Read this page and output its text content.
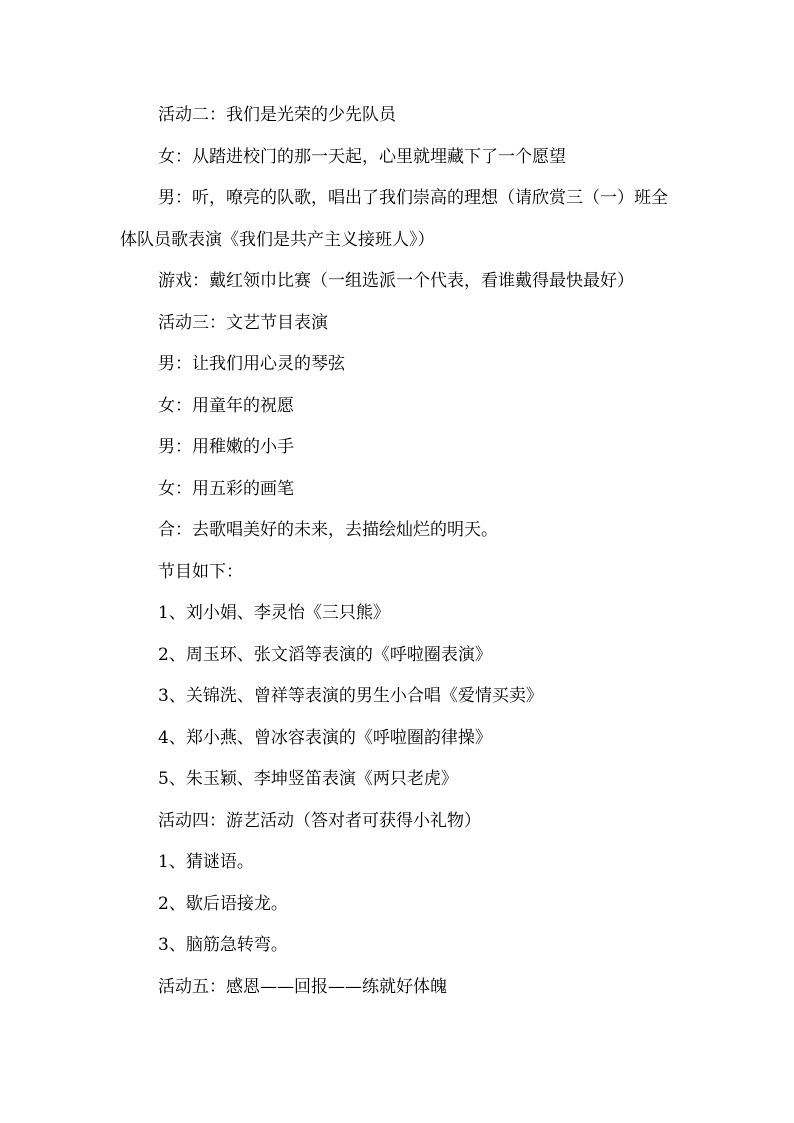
活动二：我们是光荣的少先队员

女：从踏进校门的那一天起，心里就埋藏下了一个愿望

男：听，嘹亮的队歌，唱出了我们崇高的理想（请欣赏三（一）班全体队员歌表演《我们是共产主义接班人》）

游戏：戴红领巾比赛（一组选派一个代表，看谁戴得最快最好）

活动三：文艺节目表演

男：让我们用心灵的琴弦

女：用童年的祝愿

男：用稚嫩的小手

女：用五彩的画笔

合：去歌唱美好的未来，去描绘灿烂的明天。

节目如下：

1、刘小娟、李灵怡《三只熊》

2、周玉环、张文滔等表演的《呼啦圈表演》

3、关锦洗、曾祥等表演的男生小合唱《爱情买卖》

4、郑小燕、曾冰容表演的《呼啦圈韵律操》

5、朱玉颖、李坤竖笛表演《两只老虎》

活动四：游艺活动（答对者可获得小礼物）

1、猜谜语。

2、歇后语接龙。

3、脑筋急转弯。

活动五：感恩——回报——练就好体魄
